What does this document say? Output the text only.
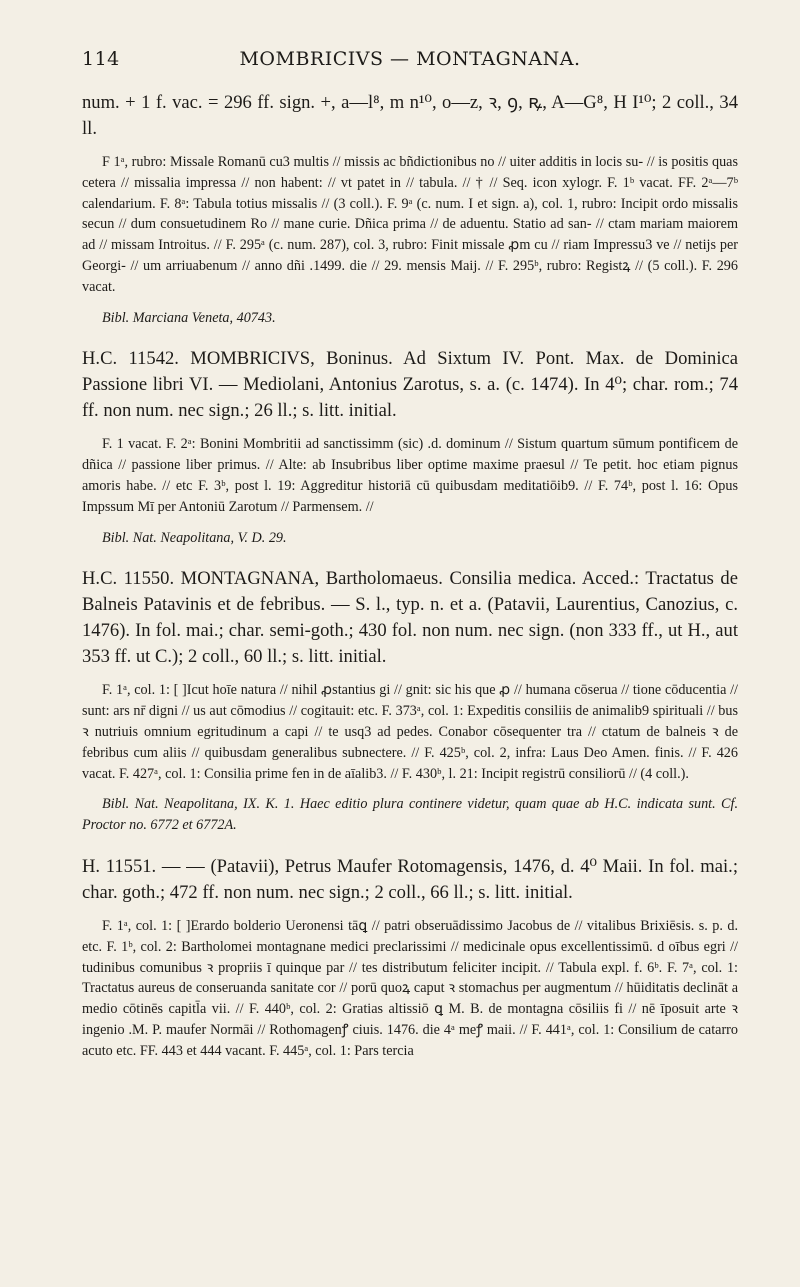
114	MOMBRICIVS — MONTAGNANA.

num. + 1 f. vac. = 296 ff. sign. +, a—l⁸, m n¹⁰, o—z, ꝛ, ꝯ, ꝶ, A—G⁸, H I¹⁰; 2 coll., 34 ll.

F 1ᵃ, rubro: Missale Romanū cu3 multis // missis ac bñdictionibus no // uiter additis in locis su- // is positis quas cetera // missalia impressa // non habent: // vt patet in // tabula. // † // Seq. icon xylogr. F. 1ᵇ vacat. FF. 2ᵃ—7ᵇ calendarium. F. 8ᵃ: Tabula totius missalis // (3 coll.). F. 9ᵃ (c. num. I et sign. a), col. 1, rubro: Incipit ordo missalis secun // dum consuetudinem Ro // mane curie. Dñica prima // de aduentu. Statio ad san- // ctam mariam maiorem ad // missam Introitus. // F. 295ᵃ (c. num. 287), col. 3, rubro: Finit missale ꝓm cu // riam Impressu3 ve // netijs per Georgi- // um arriuabenum // anno dñi .1499. die // 29. mensis Maij. // F. 295ᵇ, rubro: Registꝝ // (5 coll.). F. 296 vacat.

Bibl. Marciana Veneta, 40743.

H.C. 11542. MOMBRICIVS, Boninus. Ad Sixtum IV. Pont. Max. de Dominica Passione libri VI. — Mediolani, Antonius Zarotus, s. a. (c. 1474). In 4⁰; char. rom.; 74 ff. non num. nec sign.; 26 ll.; s. litt. initial.

F. 1 vacat. F. 2ᵃ: Bonini Mombritii ad sanctissimm (sic) .d. dominum // Sistum quartum sūmum pontificem de dñica // passione liber primus. // Alte: ab Insubribus liber optime maxime praesul // Te petit. hoc etiam pignus amoris habe. // etc F. 3ᵇ, post l. 19: Aggreditur historiā cū quibusdam meditatiōib9. // F. 74ᵇ, post l. 16: Opus Impssum Mī per Antoniū Zarotum // Parmensem. //

Bibl. Nat. Neapolitana, V. D. 29.

H.C. 11550. MONTAGNANA, Bartholomaeus. Consilia medica. Acced.: Tractatus de Balneis Patavinis et de febribus. — S. l., typ. n. et a. (Patavii, Laurentius, Canozius, c. 1476). In fol. mai.; char. semi-goth.; 430 fol. non num. nec sign. (non 333 ff., ut H., aut 353 ff. ut C.); 2 coll., 60 ll.; s. litt. initial.

F. 1ᵃ, col. 1: [ ]Icut hoīe natura // nihil ꝓstantius gi // gnit: sic his que ꝓ // humana cōserua // tione cōducentia // sunt: ars nr̄ digni // us aut cōmodius // cogitauit: etc. F. 373ᵃ, col. 1: Expeditis consiliis de animalib9 spirituali // bus ꝛ nutriuis omnium egritudinum a capi // te usq3 ad pedes. Conabor cōsequenter tra // ctatum de balneis ꝛ de febribus cum aliis // quibusdam generalibus subnectere. // F. 425ᵇ, col. 2, infra: Laus Deo Amen. finis. // F. 426 vacat. F. 427ᵃ, col. 1: Consilia prime fen in de aīalib3. // F. 430ᵇ, l. 21: Incipit registrū consiliorū // (4 coll.).

Bibl. Nat. Neapolitana, IX. K. 1. Haec editio plura continere videtur, quam quae ab H.C. indicata sunt. Cf. Proctor no. 6772 et 6772A.

H. 11551. — — (Patavii), Petrus Maufer Rotomagensis, 1476, d. 4⁰ Maii. In fol. mai.; char. goth.; 472 ff. non num. nec sign.; 2 coll., 66 ll.; s. litt. initial.

F. 1ᵃ, col. 1: [ ]Erardo bolderio Ueronensi tāꝗ // patri obseruādissimo Jacobus de // vitalibus Brixiēsis. s. p. d. etc. F. 1ᵇ, col. 2: Bartholomei montagnane medici preclarissimi // medicinale opus excellentissimū. d oībus egri // tudinibus comunibus ꝛ propriis ī quinque par // tes distributum feliciter incipit. // Tabula expl. f. 6ᵇ. F. 7ᵃ, col. 1: Tractatus aureus de conseruanda sanitate cor // porū quoꝝ caput ꝛ stomachus per augmentum // hūiditatis declināt a medio cōtinēs capitl̄a vii. // F. 440ᵇ, col. 2: Gratias altissiō ꝗ M. B. de montagna cōsiliis fi // nē īposuit arte ꝛ ingenio .M. P. maufer Normāi // Rothomagenꝭ ciuis. 1476. die 4ᵃ meꝭ maii. // F. 441ᵃ, col. 1: Consilium de catarro acuto etc. FF. 443 et 444 vacant. F. 445ᵃ, col. 1: Pars tercia
